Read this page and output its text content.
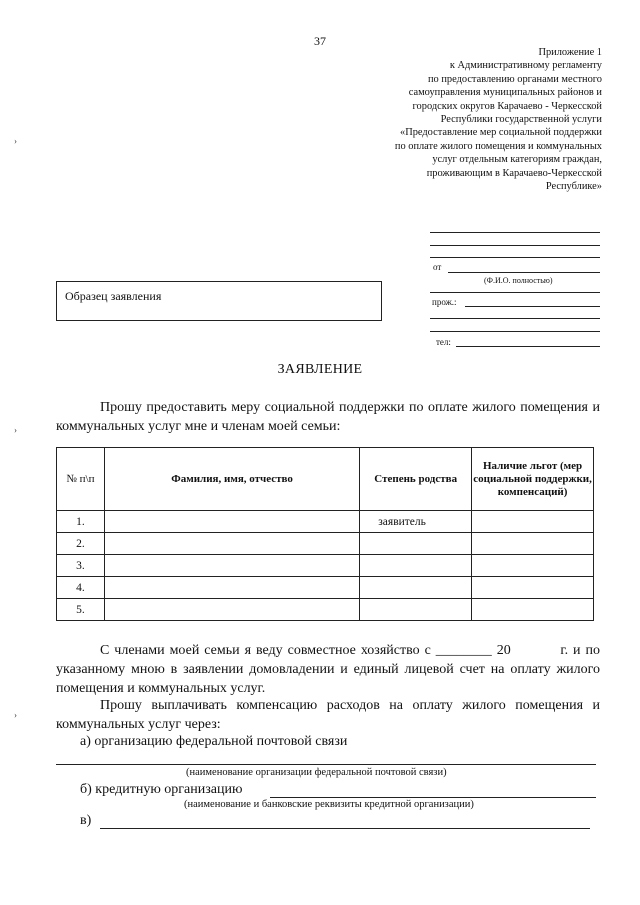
37
Приложение 1
к Административному регламенту
по предоставлению органами местного
самоуправления муниципальных районов и
городских округов Карачаево - Черкесской
Республики государственной услуги
«Предоставление мер социальной поддержки
по оплате жилого помещения и коммунальных
услуг отдельным категориям граждан,
проживающим в Карачаево-Черкесской
Республике»
от
(Ф.И.О. полностью)
прож.:
тел:
Образец заявления
ЗАЯВЛЕНИЕ
Прошу предоставить меру социальной поддержки по оплате жилого помещения и коммунальных услуг мне и членам моей семьи:
№ п\п	Фамилия, имя, отчество	Степень родства	Наличие льгот (мер социальной поддержки, компенсаций)
1.		заявитель	
2.			
3.			
4.			
5.			
С членами моей семьи я веду совместное хозяйство с ________ 20	г. и по указанному мною в заявлении домовладении и единый лицевой счет на оплату жилого помещения и коммунальных услуг.
Прошу выплачивать компенсацию расходов на оплату жилого помещения и коммунальных услуг через:
а) организацию федеральной почтовой связи
(наименование организации федеральной почтовой связи)
б) кредитную организацию
(наименование и банковские реквизиты кредитной организации)
в)
›
›
›
